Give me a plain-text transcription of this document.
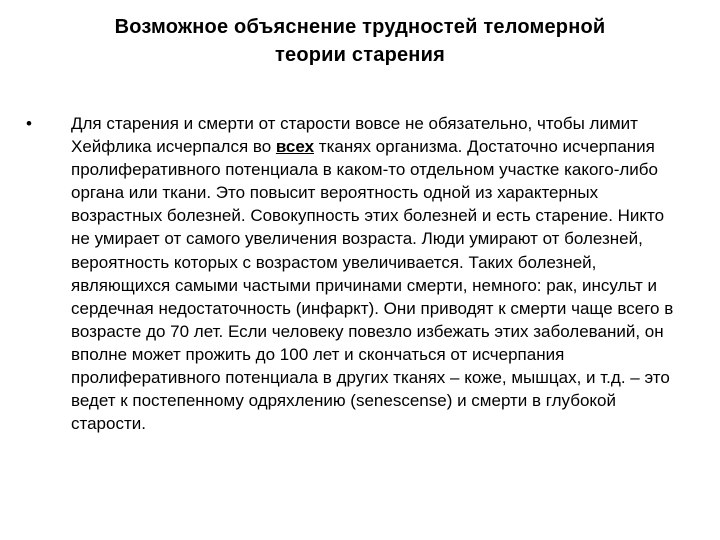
Возможное объяснение трудностей теломерной
теории старения
• Для старения и смерти от старости вовсе не обязательно, чтобы лимит Хейфлика исчерпался во всех тканях организма. Достаточно исчерпания пролиферативного потенциала в каком-то отдельном участке какого-либо органа или ткани. Это повысит вероятность одной из характерных возрастных болезней. Совокупность этих болезней и есть старение. Никто не умирает от самого увеличения возраста. Люди умирают от болезней, вероятность которых с возрастом увеличивается. Таких болезней, являющихся самыми частыми причинами смерти, немного: рак, инсульт и сердечная недостаточность (инфаркт). Они приводят к смерти чаще всего в возрасте до 70 лет. Если человеку повезло избежать этих заболеваний, он вполне может прожить до 100 лет и скончаться от исчерпания пролиферативного потенциала в других тканях – коже, мышцах, и т.д. – это ведет к постепенному одряхлению (senescense) и смерти в глубокой старости.
